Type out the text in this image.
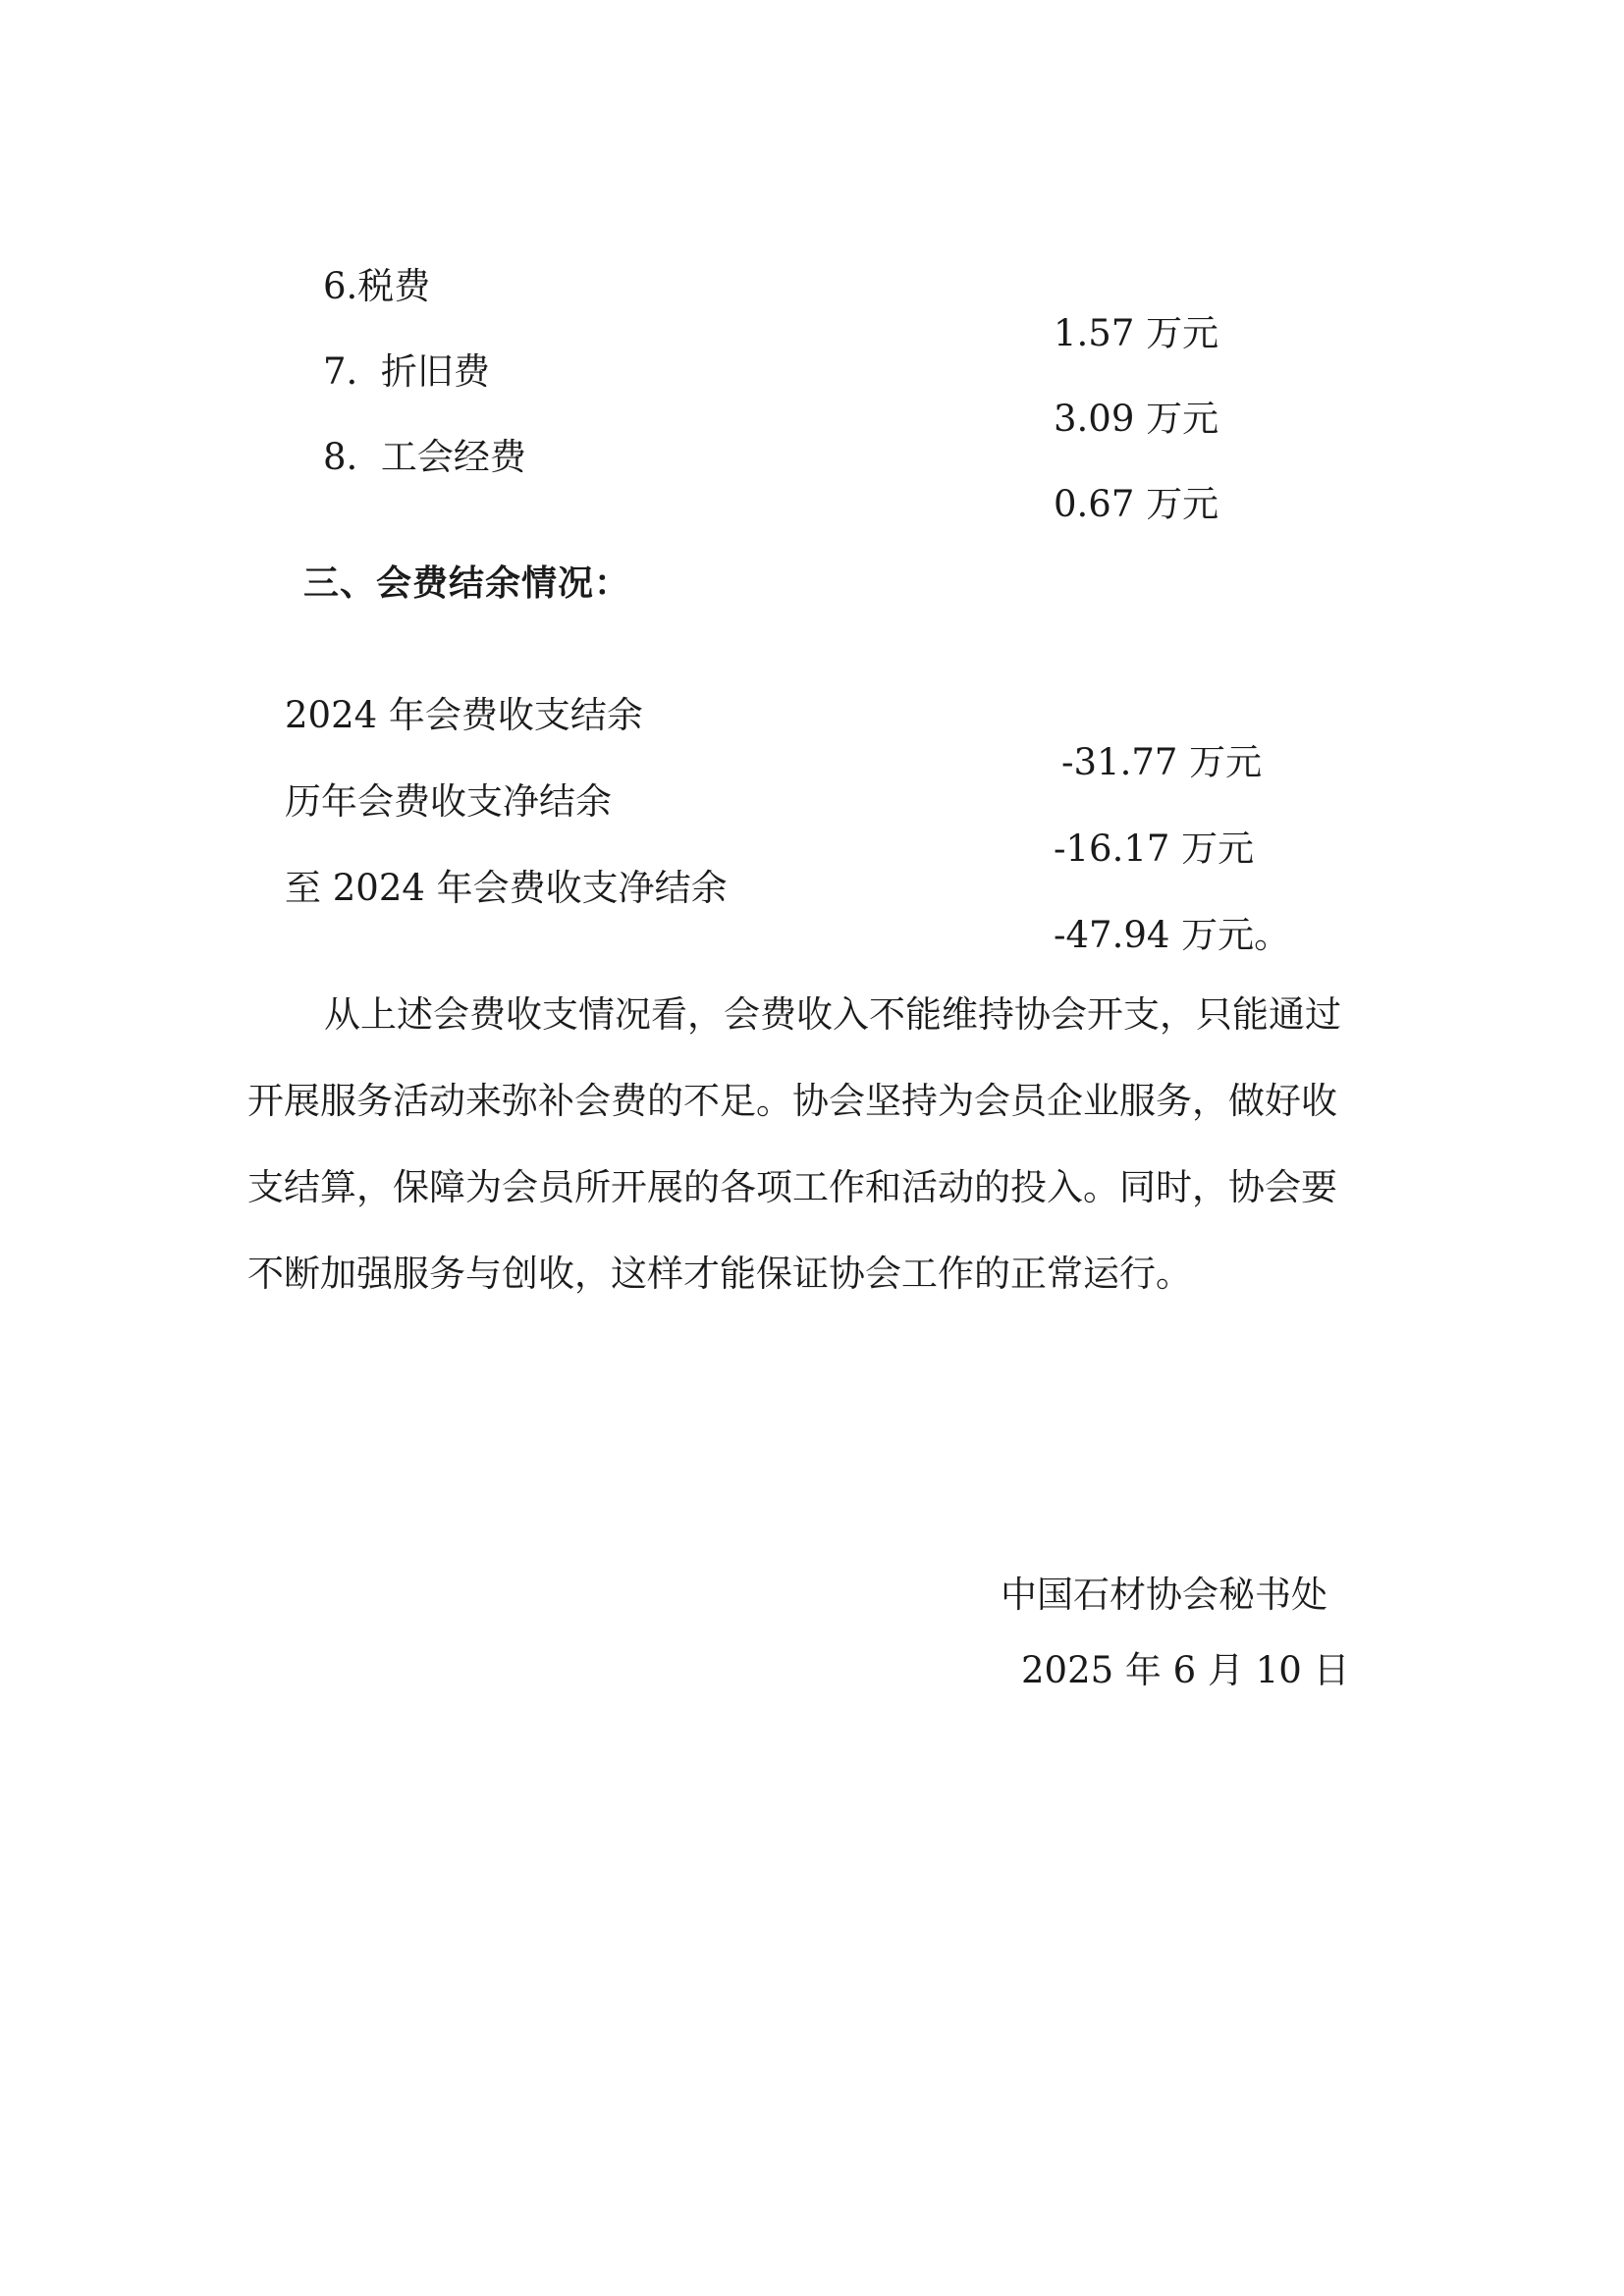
6.税费

1.57 万元

7.  折旧费

3.09 万元

8.  工会经费

0.67 万元

三、会费结余情况：

2024 年会费收支结余

-31.77 万元

历年会费收支净结余

-16.17 万元

至 2024 年会费收支净结余

-47.94 万元。

从上述会费收支情况看，会费收入不能维持协会开支，只能通过
开展服务活动来弥补会费的不足。协会坚持为会员企业服务，做好收
支结算，保障为会员所开展的各项工作和活动的投入。同时，协会要
不断加强服务与创收，这样才能保证协会工作的正常运行。
中国石材协会秘书处
2025 年 6 月 10 日
